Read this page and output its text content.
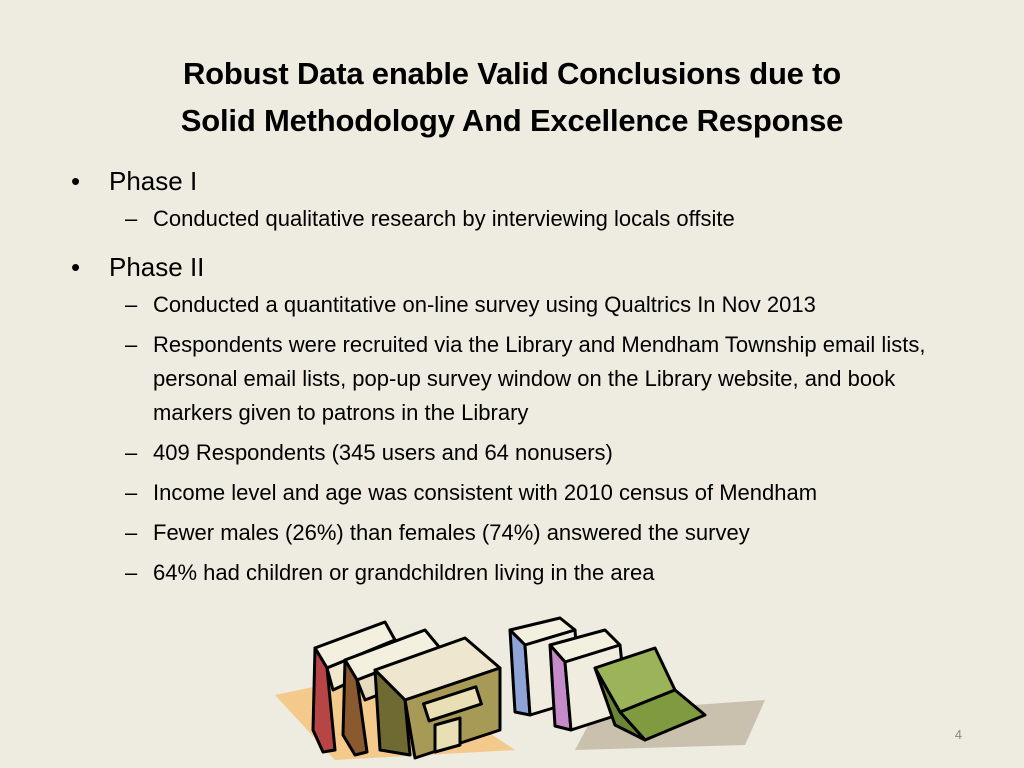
Robust Data enable Valid Conclusions due to
Solid Methodology And Excellence Response
• Phase I
– Conducted qualitative research by interviewing locals offsite
• Phase II
– Conducted a quantitative on-line survey using Qualtrics In Nov 2013
– Respondents were recruited via the Library and Mendham Township email lists, personal email lists, pop-up survey window on the Library website, and book markers given to patrons in the Library
– 409 Respondents (345 users and 64 nonusers)
– Income level and age was consistent with 2010 census of Mendham
– Fewer males (26%) than females (74%) answered the survey
– 64% had children or grandchildren living in the area
4
